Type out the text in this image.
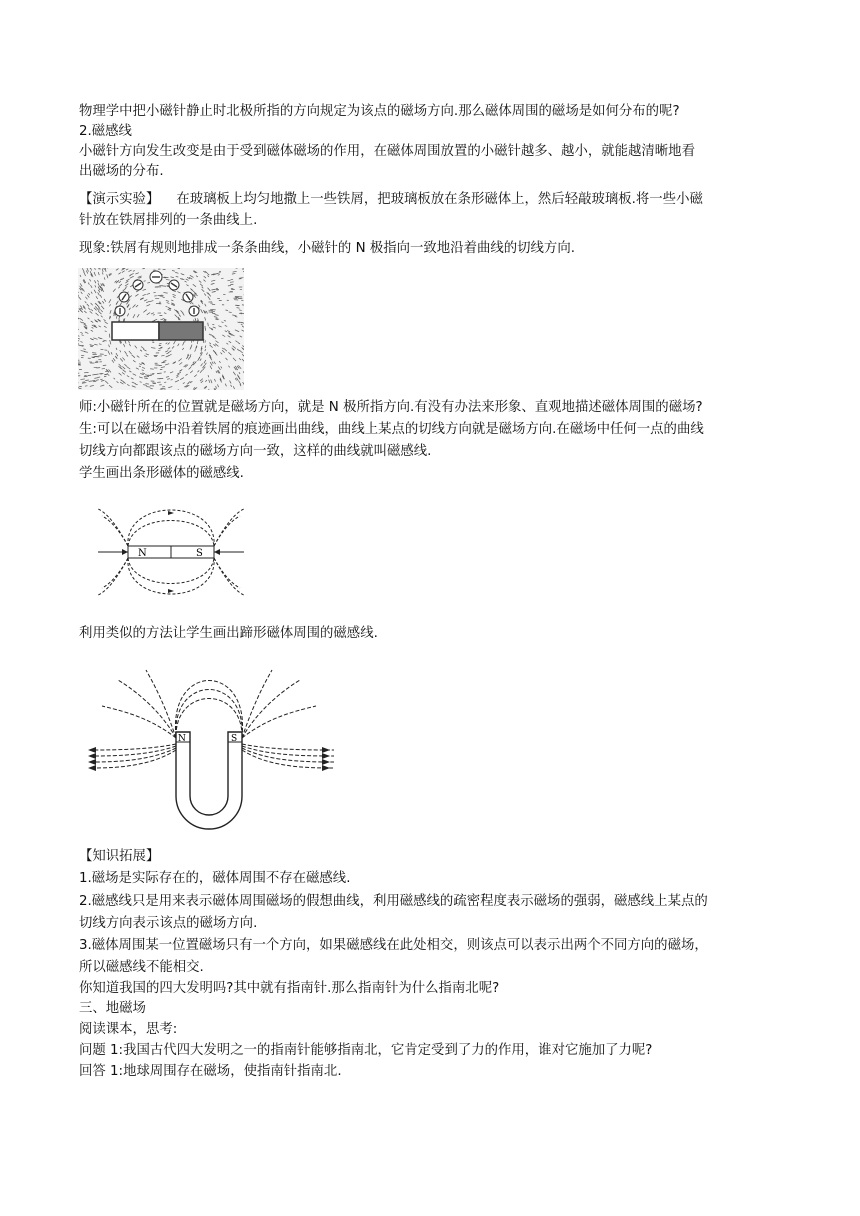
物理学中把小磁针静止时北极所指的方向规定为该点的磁场方向.那么磁体周围的磁场是如何分布的呢?
2.磁感线
小磁针方向发生改变是由于受到磁体磁场的作用，在磁体周围放置的小磁针越多、越小，就能越清晰地看
出磁场的分布.
【演示实验】    在玻璃板上均匀地撒上一些铁屑，把玻璃板放在条形磁体上，然后轻敲玻璃板.将一些小磁
针放在铁屑排列的一条曲线上.
现象:铁屑有规则地排成一条条曲线，小磁针的 N 极指向一致地沿着曲线的切线方向.
师:小磁针所在的位置就是磁场方向，就是 N 极所指方向.有没有办法来形象、直观地描述磁体周围的磁场?
生:可以在磁场中沿着铁屑的痕迹画出曲线，曲线上某点的切线方向就是磁场方向.在磁场中任何一点的曲线
切线方向都跟该点的磁场方向一致，这样的曲线就叫磁感线.
学生画出条形磁体的磁感线.
N	S
利用类似的方法让学生画出蹄形磁体周围的磁感线.
N	S
【知识拓展】
1.磁场是实际存在的，磁体周围不存在磁感线.
2.磁感线只是用来表示磁体周围磁场的假想曲线，利用磁感线的疏密程度表示磁场的强弱，磁感线上某点的
切线方向表示该点的磁场方向.
3.磁体周围某一位置磁场只有一个方向，如果磁感线在此处相交，则该点可以表示出两个不同方向的磁场，
所以磁感线不能相交.
你知道我国的四大发明吗?其中就有指南针.那么指南针为什么指南北呢?
三、地磁场
阅读课本，思考:
问题 1:我国古代四大发明之一的指南针能够指南北，它肯定受到了力的作用，谁对它施加了力呢?
回答 1:地球周围存在磁场，使指南针指南北.
